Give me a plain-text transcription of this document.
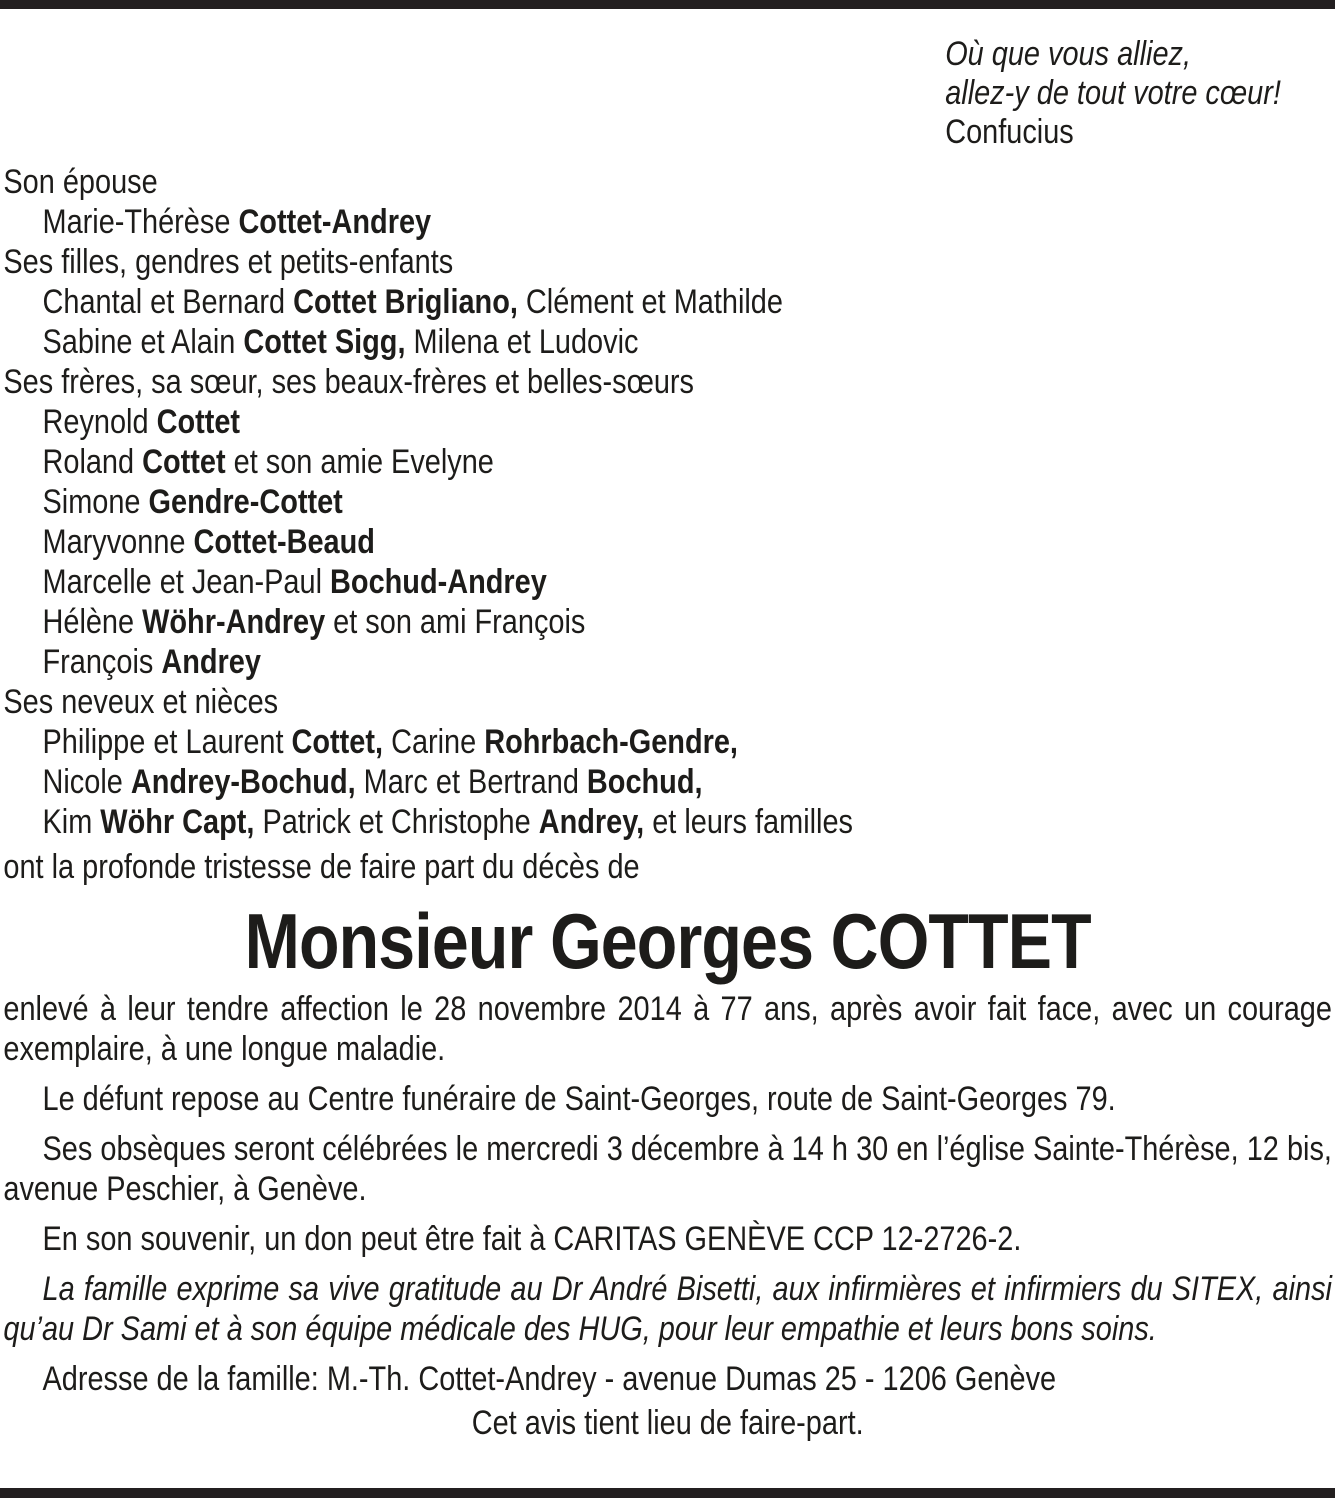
Où que vous alliez,
allez-y de tout votre cœur!
Confucius
Son épouse
Marie-Thérèse Cottet-Andrey
Ses filles, gendres et petits-enfants
Chantal et Bernard Cottet Brigliano, Clément et Mathilde
Sabine et Alain Cottet Sigg, Milena et Ludovic
Ses frères, sa sœur, ses beaux-frères et belles-sœurs
Reynold Cottet
Roland Cottet et son amie Evelyne
Simone Gendre-Cottet
Maryvonne Cottet-Beaud
Marcelle et Jean-Paul Bochud-Andrey
Hélène Wöhr-Andrey et son ami François
François Andrey
Ses neveux et nièces
Philippe et Laurent Cottet, Carine Rohrbach-Gendre,
Nicole Andrey-Bochud, Marc et Bertrand Bochud,
Kim Wöhr Capt, Patrick et Christophe Andrey, et leurs familles

ont la profonde tristesse de faire part du décès de

Monsieur Georges COTTET

enlevé à leur tendre affection le 28 novembre 2014 à 77 ans, après avoir fait face, avec un courage exemplaire, à une longue maladie.

Le défunt repose au Centre funéraire de Saint-Georges, route de Saint-Georges 79.

Ses obsèques seront célébrées le mercredi 3 décembre à 14 h 30 en l’église Sainte-Thérèse, 12 bis, avenue Peschier, à Genève.

En son souvenir, un don peut être fait à CARITAS GENÈVE CCP 12-2726-2.

La famille exprime sa vive gratitude au Dr André Bisetti, aux infirmières et infirmiers du SITEX, ainsi qu’au Dr Sami et à son équipe médicale des HUG, pour leur empathie et leurs bons soins.

Adresse de la famille: M.-Th. Cottet-Andrey - avenue Dumas 25 - 1206 Genève

Cet avis tient lieu de faire-part.
